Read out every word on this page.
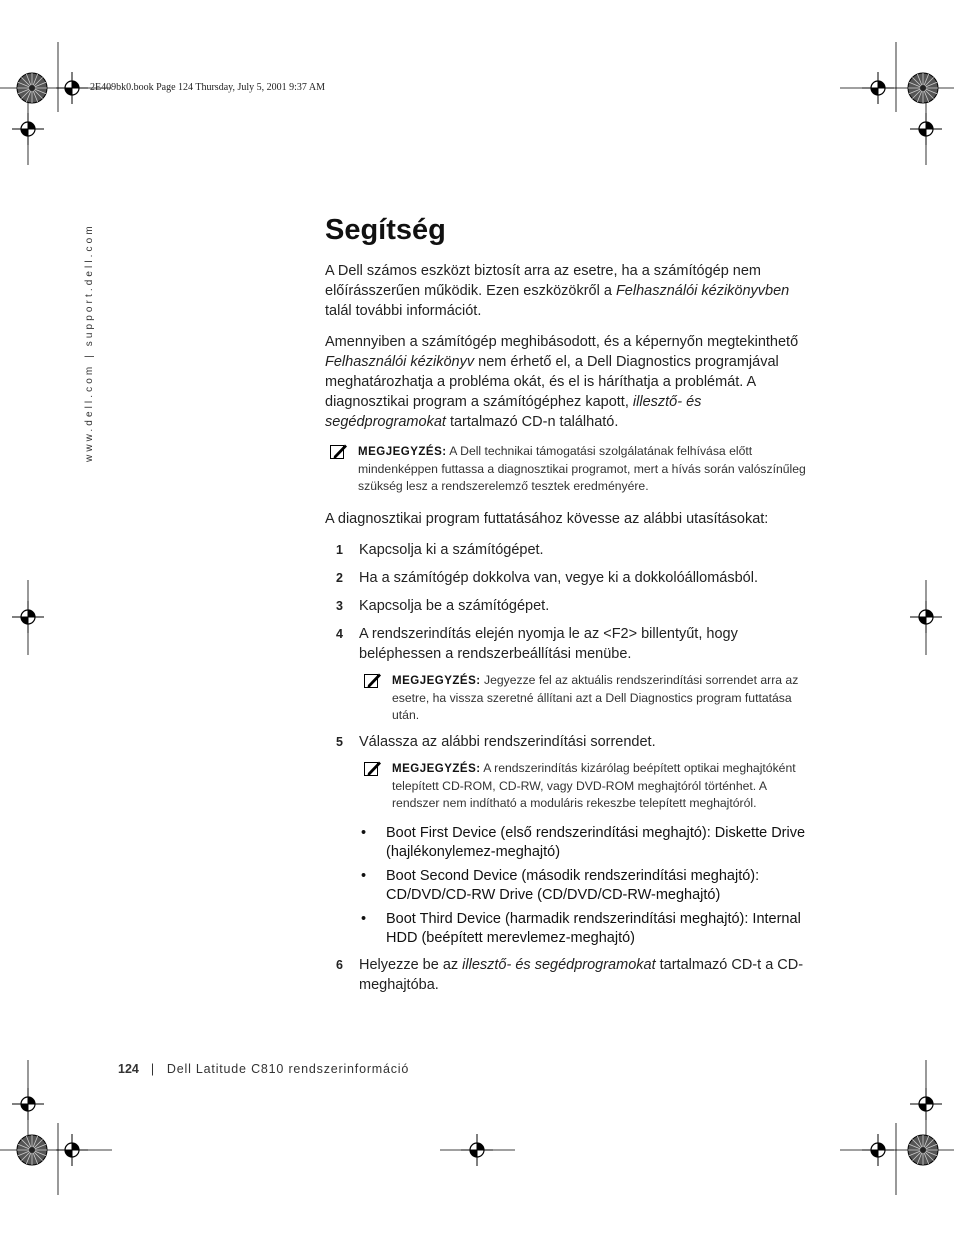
2E409bk0.book Page 124 Thursday, July 5, 2001 9:37 AM
www.dell.com | support.dell.com	Segítség

A Dell számos eszközt biztosít arra az esetre, ha a számítógép nem előírásszerűen működik. Ezen eszközökről a Felhasználói kézikönyvben talál további információt.

Amennyiben a számítógép meghibásodott, és a képernyőn megtekinthető Felhasználói kézikönyv nem érhető el, a Dell Diagnostics programjával meghatározhatja a probléma okát, és el is háríthatja a problémát. A diagnosztikai program a számítógéphez kapott, illesztő- és segédprogramokat tartalmazó CD-n található.

MEGJEGYZÉS: A Dell technikai támogatási szolgálatának felhívása előtt mindenképpen futtassa a diagnosztikai programot, mert a hívás során valószínűleg szükség lesz a rendszerelemző tesztek eredményére.

A diagnosztikai program futtatásához kövesse az alábbi utasításokat:

1 Kapcsolja ki a számítógépet.
2 Ha a számítógép dokkolva van, vegye ki a dokkolóállomásból.
3 Kapcsolja be a számítógépet.
4 A rendszerindítás elején nyomja le az <F2> billentyűt, hogy beléphessen a rendszerbeállítási menübe.
MEGJEGYZÉS: Jegyezze fel az aktuális rendszerindítási sorrendet arra az esetre, ha vissza szeretné állítani azt a Dell Diagnostics program futtatása után.
5 Válassza az alábbi rendszerindítási sorrendet.
MEGJEGYZÉS: A rendszerindítás kizárólag beépített optikai meghajtóként telepített CD-ROM, CD-RW, vagy DVD-ROM meghajtóról történhet. A rendszer nem indítható a moduláris rekeszbe telepített meghajtóról.
• Boot First Device (első rendszerindítási meghajtó): Diskette Drive (hajlékonylemez-meghajtó)
• Boot Second Device (második rendszerindítási meghajtó): CD/DVD/CD-RW Drive (CD/DVD/CD-RW-meghajtó)
• Boot Third Device (harmadik rendszerindítási meghajtó): Internal HDD (beépített merevlemez-meghajtó)
6 Helyezze be az illesztő- és segédprogramokat tartalmazó CD-t a CD-meghajtóba.
124 | Dell Latitude C810 rendszerinformáció
